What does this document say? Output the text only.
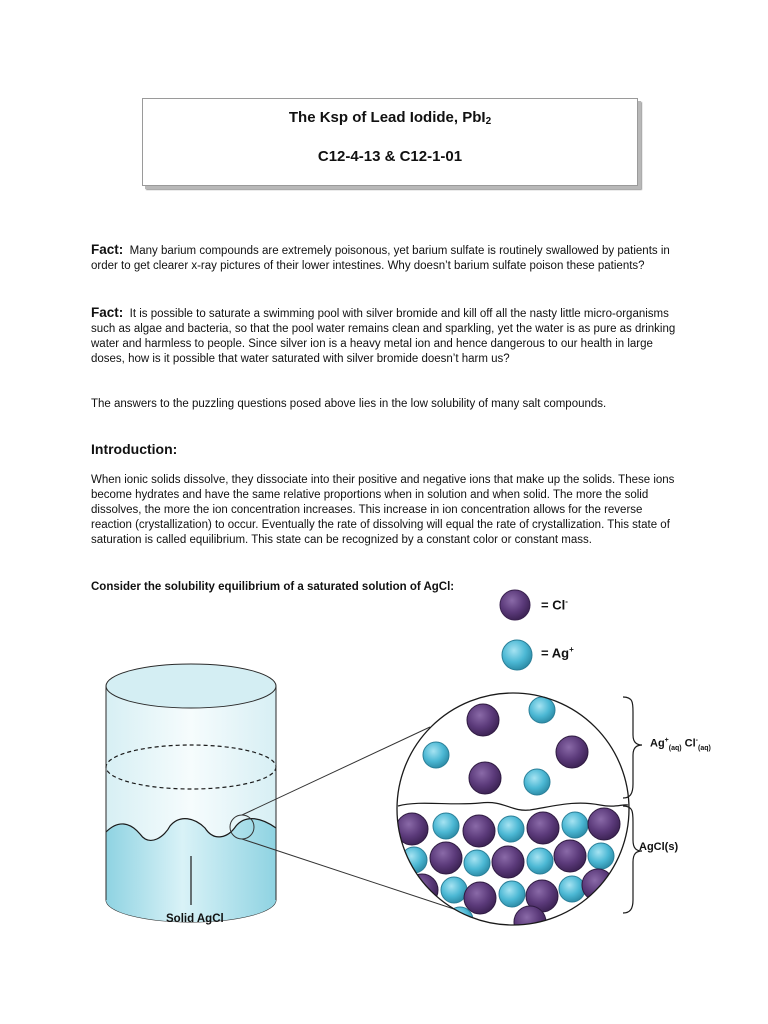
The Ksp of Lead Iodide, PbI$_2$
C12-4-13 & C12-1-01

Fact: Many barium compounds are extremely poisonous, yet barium sulfate is routinely swallowed by patients in order to get clearer x-ray pictures of their lower intestines. Why doesn’t barium sulfate poison these patients?

Fact: It is possible to saturate a swimming pool with silver bromide and kill off all the nasty little micro-organisms such as algae and bacteria, so that the pool water remains clean and sparkling, yet the water is as pure as drinking water and harmless to people. Since silver ion is a heavy metal ion and hence dangerous to our health in large doses, how is it possible that water saturated with silver bromide doesn’t harm us?

The answers to the puzzling questions posed above lies in the low solubility of many salt compounds.

Introduction:

When ionic solids dissolve, they dissociate into their positive and negative ions that make up the solids. These ions become hydrates and have the same relative proportions when in solution and when solid. The more the solid dissolves, the more the ion concentration increases. This increase in ion concentration allows for the reverse reaction (crystallization) to occur. Eventually the rate of dissolving will equal the rate of crystallization. This state of saturation is called equilibrium. This state can be recognized by a constant color or constant mass.

Consider the solubility equilibrium of a saturated solution of AgCl:
= Cl-
= Ag+
$Ag^+_{(aq)}$ $Cl^-_{(aq)}$
AgCl(s)
Solid AgCl
